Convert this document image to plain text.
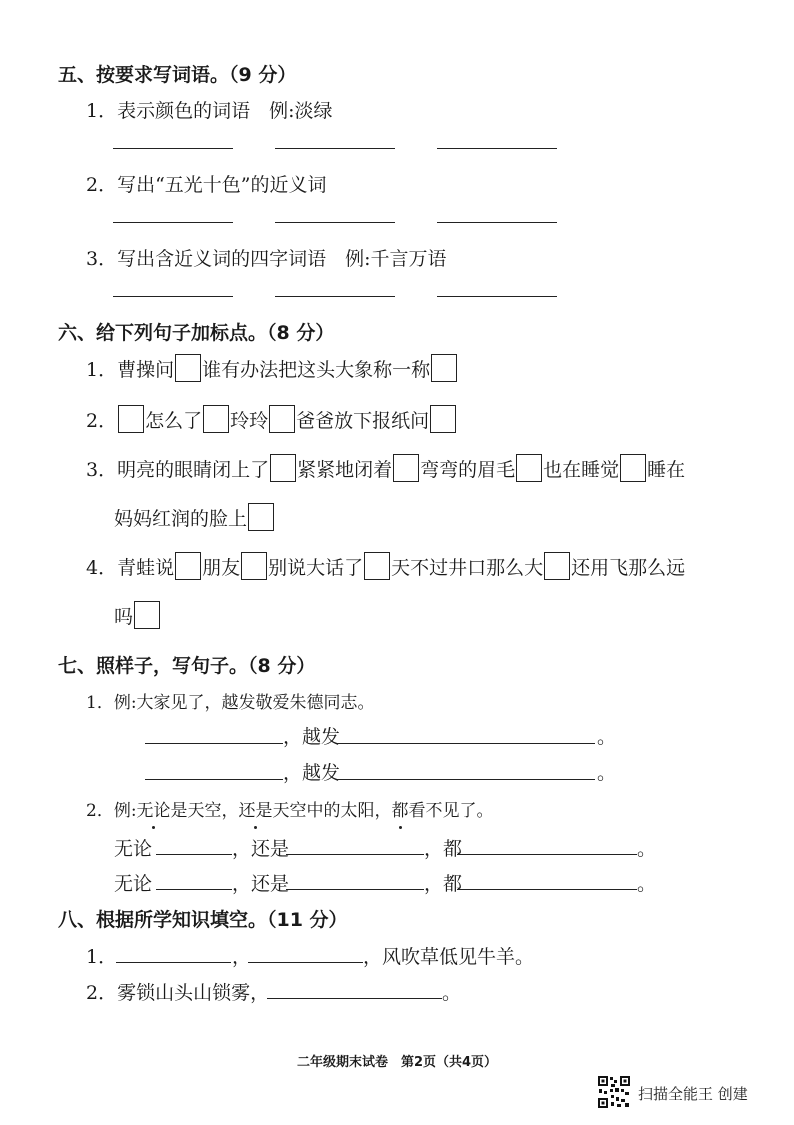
五、按要求写词语。（9 分）
1．表示颜色的词语　例:淡绿
2．写出“五光十色”的近义词
3．写出含近义词的四字词语　例:千言万语
六、给下列句子加标点。（8 分）
1．曹操问 谁有办法把这头大象称一称
2． 怎么了 玲玲 爸爸放下报纸问
3．明亮的眼睛闭上了 紧紧地闭着 弯弯的眉毛 也在睡觉 睡在
妈妈红润的脸上
4．青蛙说 朋友 别说大话了 天不过井口那么大 还用飞那么远
吗
七、照样子，写句子。（8 分）
1．例:大家见了，越发敬爱朱德同志。
，越发	。
，越发	。
2．例:无论是天空，还是天空中的太阳，都看不见了。
无论	，还是	，都	。
无论	，还是	，都	。
八、根据所学知识填空。（11 分）
1．	，	，风吹草低见牛羊。
2．雾锁山头山锁雾，	。
二年级期末试卷　第2页（共4页）
扫描全能王 创建
